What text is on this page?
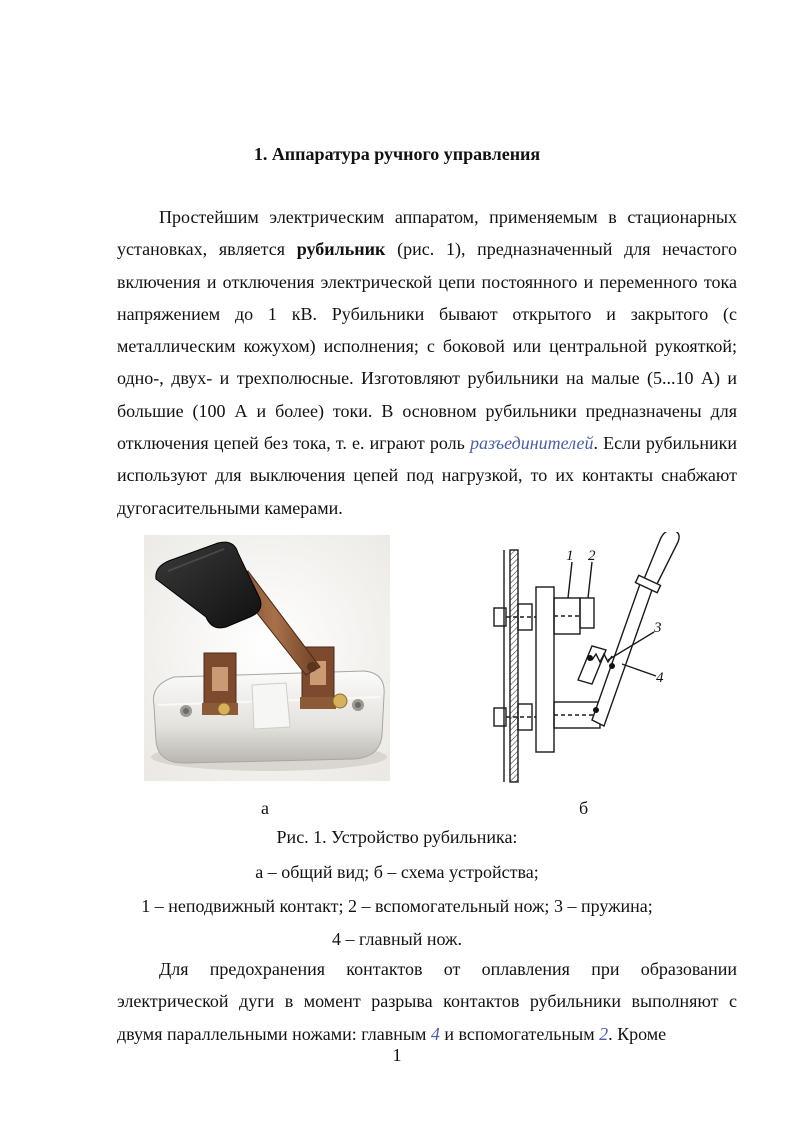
1. Аппаратура ручного управления

Простейшим электрическим аппаратом, применяемым в стационарных установках, является рубильник (рис. 1), предназначенный для нечастого включения и отключения электрической цепи постоянного и переменного тока напряжением до 1 кВ. Рубильники бывают открытого и закрытого (с металлическим кожухом) исполнения; с боковой или центральной рукояткой; одно-, двух- и трехполюсные. Изготовляют рубильники на малые (5...10 А) и большие (100 А и более) токи. В основном рубильники предназначены для отключения цепей без тока, т. е. играют роль разъединителей. Если рубильники используют для выключения цепей под нагрузкой, то их контакты снабжают дугогасительными камерами.

1 2
3
4
а	б
Рис. 1. Устройство рубильника:
а – общий вид; б – схема устройства;
1 – неподвижный контакт; 2 – вспомогательный нож; 3 – пружина;
4 – главный нож.

Для предохранения контактов от оплавления при образовании электрической дуги в момент разрыва контактов рубильники выполняют с двумя параллельными ножами: главным 4 и вспомогательным 2. Кроме

1
